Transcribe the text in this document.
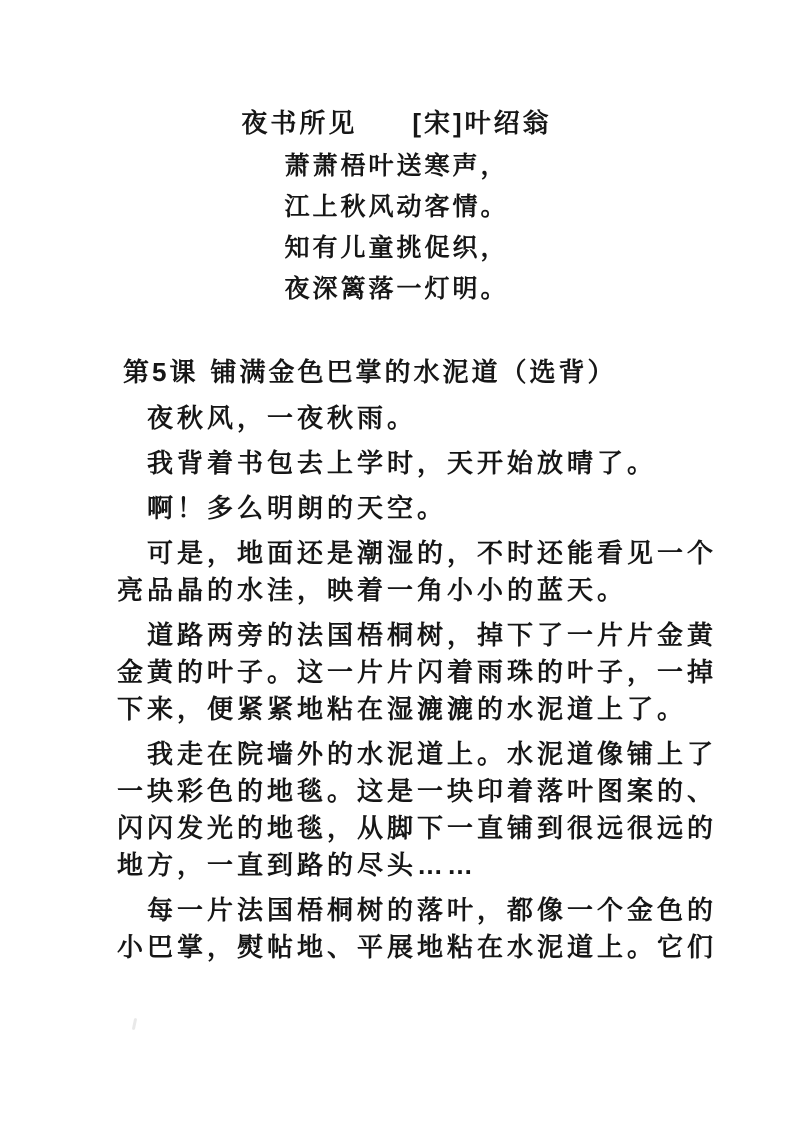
夜书所见 [宋]叶绍翁
萧萧梧叶送寒声，
江上秋风动客情。
知有儿童挑促织，
夜深篱落一灯明。
第5课 铺满金色巴掌的水泥道（选背）
夜秋风，一夜秋雨。
我背着书包去上学时，天开始放晴了。
啊！多么明朗的天空。
可是，地面还是潮湿的，不时还能看见一个
亮品晶的水洼，映着一角小小的蓝天。
道路两旁的法国梧桐树，掉下了一片片金黄
金黄的叶子。这一片片闪着雨珠的叶子，一掉
下来，便紧紧地粘在湿漉漉的水泥道上了。
我走在院墙外的水泥道上。水泥道像铺上了
一块彩色的地毯。这是一块印着落叶图案的、
闪闪发光的地毯，从脚下一直铺到很远很远的
地方，一直到路的尽头……
每一片法国梧桐树的落叶，都像一个金色的
小巴掌，熨帖地、平展地粘在水泥道上。它们
